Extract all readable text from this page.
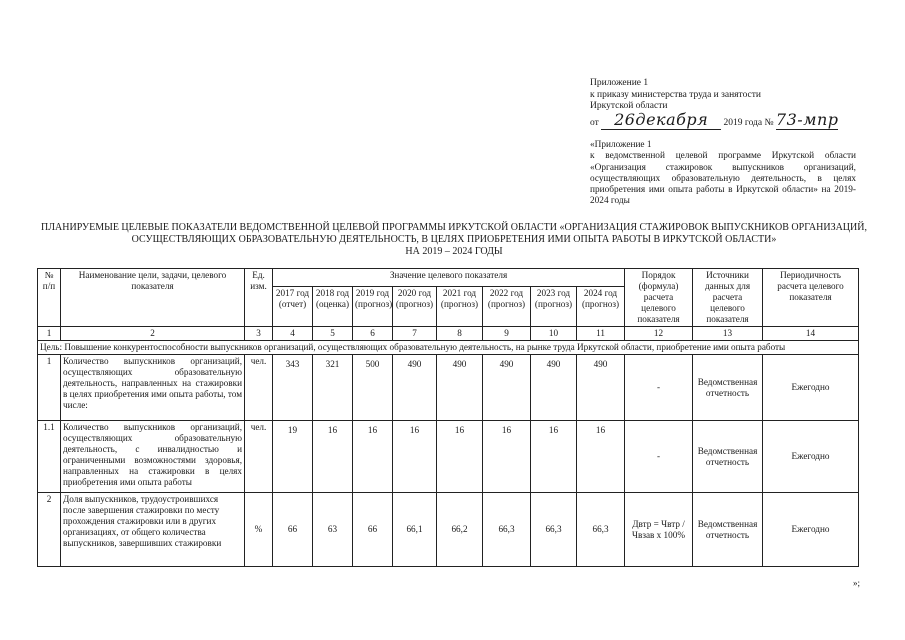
Приложение 1
к приказу министерства труда и занятости
Иркутской области
от 26декабря 2019 года № 73-мпр
«Приложение 1
к ведомственной целевой программе Иркутской области «Организация стажировок выпускников организаций, осуществляющих образовательную деятельность, в целях приобретения ими опыта работы в Иркутской области» на 2019-2024 годы
ПЛАНИРУЕМЫЕ ЦЕЛЕВЫЕ ПОКАЗАТЕЛИ ВЕДОМСТВЕННОЙ ЦЕЛЕВОЙ ПРОГРАММЫ ИРКУТСКОЙ ОБЛАСТИ «ОРГАНИЗАЦИЯ СТАЖИРОВОК ВЫПУСКНИКОВ ОРГАНИЗАЦИЙ,
ОСУЩЕСТВЛЯЮЩИХ ОБРАЗОВАТЕЛЬНУЮ ДЕЯТЕЛЬНОСТЬ, В ЦЕЛЯХ ПРИОБРЕТЕНИЯ ИМИ ОПЫТА РАБОТЫ В ИРКУТСКОЙ ОБЛАСТИ»
НА 2019 – 2024 ГОДЫ
№ п/п	Наименование цели, задачи, целевого показателя	Ед. изм.	Значение целевого показателя								Порядок (формула) расчета целевого показателя	Источники данных для расчета целевого показателя	Периодичность расчета целевого показателя
			2017 год (отчет)	2018 год (оценка)	2019 год (прогноз)	2020 год (прогноз)	2021 год (прогноз)	2022 год (прогноз)	2023 год (прогноз)	2024 год (прогноз)			
1	2	3	4	5	6	7	8	9	10	11	12	13	14
Цель: Повышение конкурентоспособности выпускников организаций, осуществляющих образовательную деятельность, на рынке труда Иркутской области, приобретение ими опыта работы													
1	Количество выпускников организаций, осуществляющих образовательную деятельность, направленных на стажировки в целях приобретения ими опыта работы, том числе:	чел.	343	321	500	490	490	490	490	490	-	Ведомственная отчетность	Ежегодно
1.1	Количество выпускников организаций, осуществляющих образовательную деятельность, с инвалидностью и ограниченными возможностями здоровья, направленных на стажировки в целях приобретения ими опыта работы	чел.	19	16	16	16	16	16	16	16	-	Ведомственная отчетность	Ежегодно
2	Доля выпускников, трудоустроившихся после завершения стажировки по месту прохождения стажировки или в других организациях, от общего количества выпускников, завершивших стажировки	%	66	63	66	66,1	66,2	66,3	66,3	66,3	Двтр = Чвтр / Чвзав х 100%	Ведомственная отчетность	Ежегодно
»;
